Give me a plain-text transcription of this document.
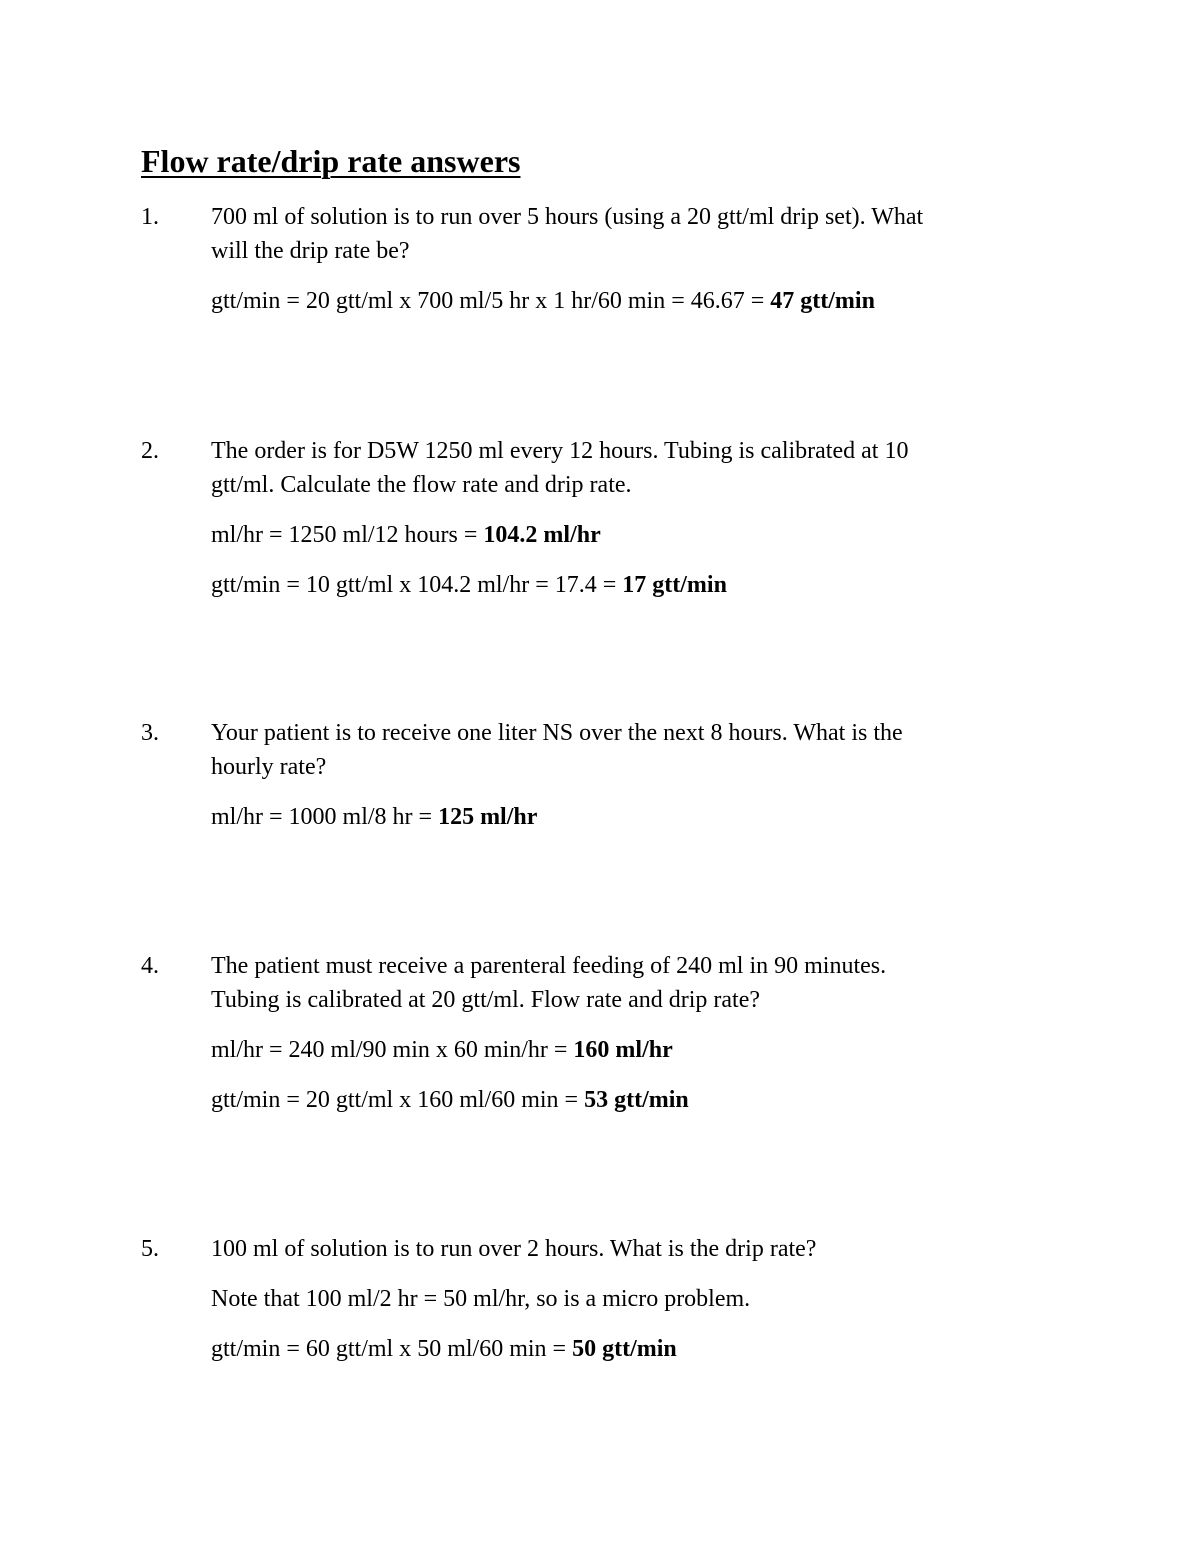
Flow rate/drip rate answers
1. 700 ml of solution is to run over 5 hours (using a 20 gtt/ml drip set). What
will the drip rate be?
gtt/min = 20 gtt/ml x 700 ml/5 hr x 1 hr/60 min = 46.67 = 47 gtt/min
2. The order is for D5W 1250 ml every 12 hours. Tubing is calibrated at 10
gtt/ml. Calculate the flow rate and drip rate.
ml/hr = 1250 ml/12 hours = 104.2 ml/hr
gtt/min = 10 gtt/ml x 104.2 ml/hr = 17.4 = 17 gtt/min
3. Your patient is to receive one liter NS over the next 8 hours. What is the
hourly rate?
ml/hr = 1000 ml/8 hr = 125 ml/hr
4. The patient must receive a parenteral feeding of 240 ml in 90 minutes.
Tubing is calibrated at 20 gtt/ml. Flow rate and drip rate?
ml/hr = 240 ml/90 min x 60 min/hr = 160 ml/hr
gtt/min = 20 gtt/ml x 160 ml/60 min = 53 gtt/min
5. 100 ml of solution is to run over 2 hours. What is the drip rate?
Note that 100 ml/2 hr = 50 ml/hr, so is a micro problem.
gtt/min = 60 gtt/ml x 50 ml/60 min = 50 gtt/min
